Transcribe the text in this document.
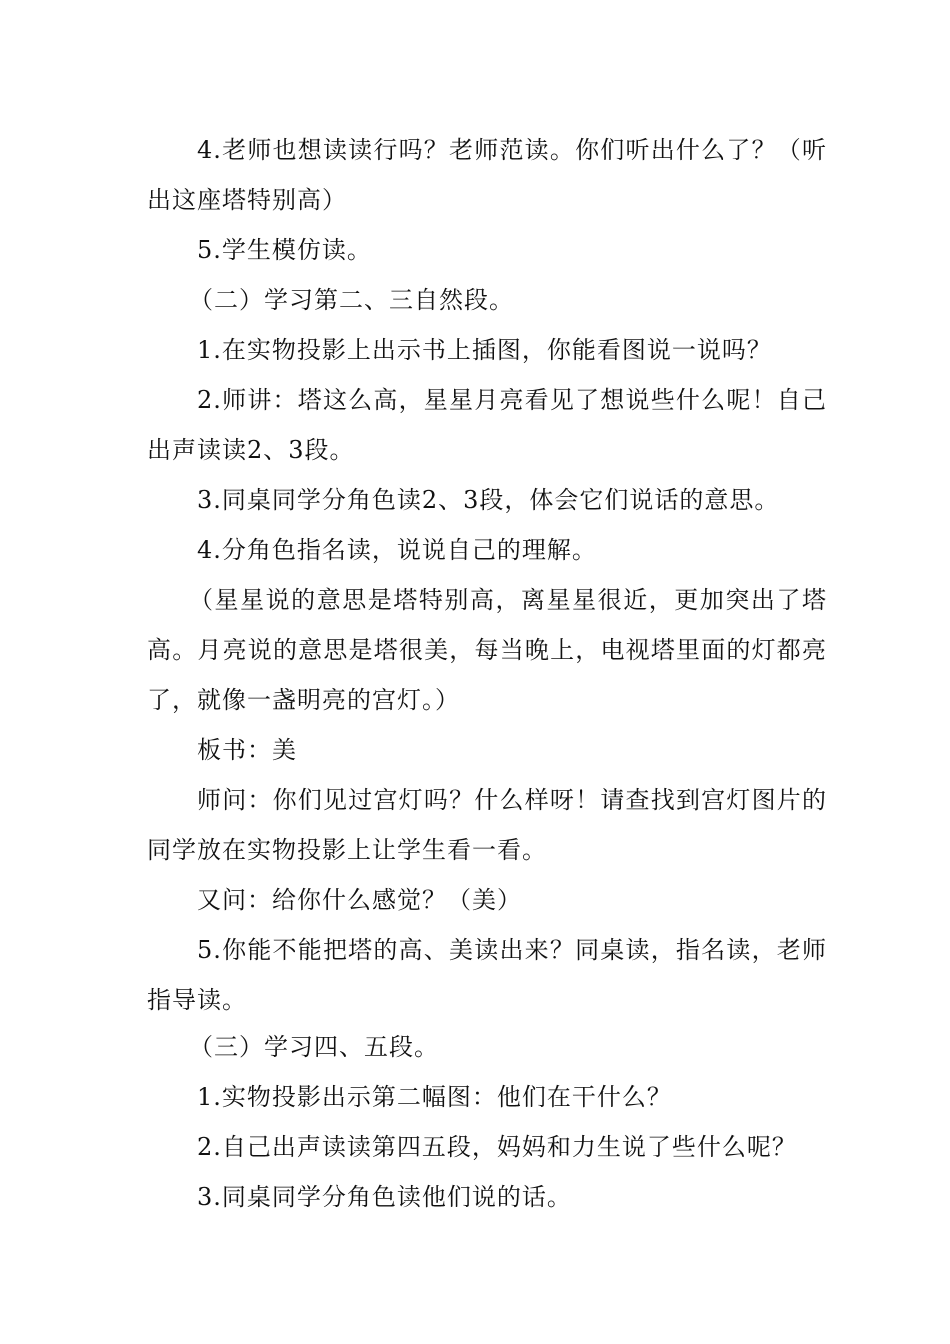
4.老师也想读读行吗？老师范读。你们听出什么了？（听出这座塔特别高）

5.学生模仿读。

（二）学习第二、三自然段。

1.在实物投影上出示书上插图，你能看图说一说吗？

2.师讲：塔这么高，星星月亮看见了想说些什么呢！自己出声读读2、3段。

3.同桌同学分角色读2、3段，体会它们说话的意思。

4.分角色指名读，说说自己的理解。

（星星说的意思是塔特别高，离星星很近，更加突出了塔高。月亮说的意思是塔很美，每当晚上，电视塔里面的灯都亮了，就像一盏明亮的宫灯。）

板书：美

师问：你们见过宫灯吗？什么样呀！请查找到宫灯图片的同学放在实物投影上让学生看一看。

又问：给你什么感觉？（美）

5.你能不能把塔的高、美读出来？同桌读，指名读，老师指导读。

（三）学习四、五段。

1.实物投影出示第二幅图：他们在干什么？

2.自己出声读读第四五段，妈妈和力生说了些什么呢？

3.同桌同学分角色读他们说的话。
